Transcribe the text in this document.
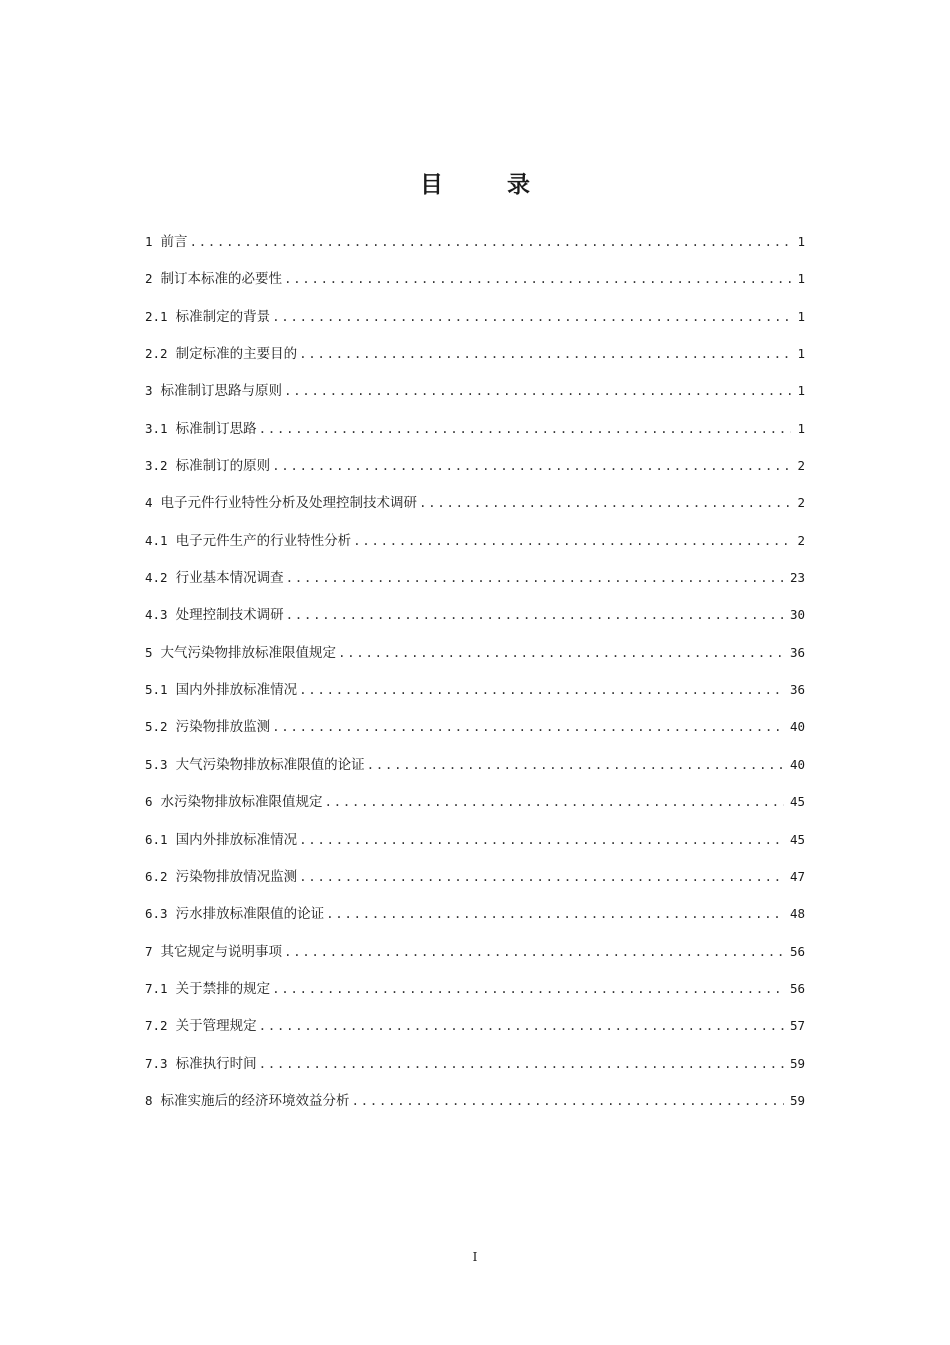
目 录
1 前言 .....	1
2 制订本标准的必要性 .....	1
2.1 标准制定的背景 .....	1
2.2 制定标准的主要目的 .....	1
3 标准制订思路与原则 .....	1
3.1 标准制订思路 .....	1
3.2 标准制订的原则 .....	2
4 电子元件行业特性分析及处理控制技术调研 .....	2
4.1 电子元件生产的行业特性分析 .....	2
4.2 行业基本情况调查 .....	23
4.3 处理控制技术调研 .....	30
5 大气污染物排放标准限值规定 .....	36
5.1 国内外排放标准情况 .....	36
5.2 污染物排放监测 .....	40
5.3 大气污染物排放标准限值的论证 .....	40
6 水污染物排放标准限值规定 .....	45
6.1 国内外排放标准情况 .....	45
6.2 污染物排放情况监测 .....	47
6.3 污水排放标准限值的论证 .....	48
7 其它规定与说明事项 .....	56
7.1 关于禁排的规定 .....	56
7.2 关于管理规定 .....	57
7.3 标准执行时间 .....	59
8 标准实施后的经济环境效益分析 .....	59
I
